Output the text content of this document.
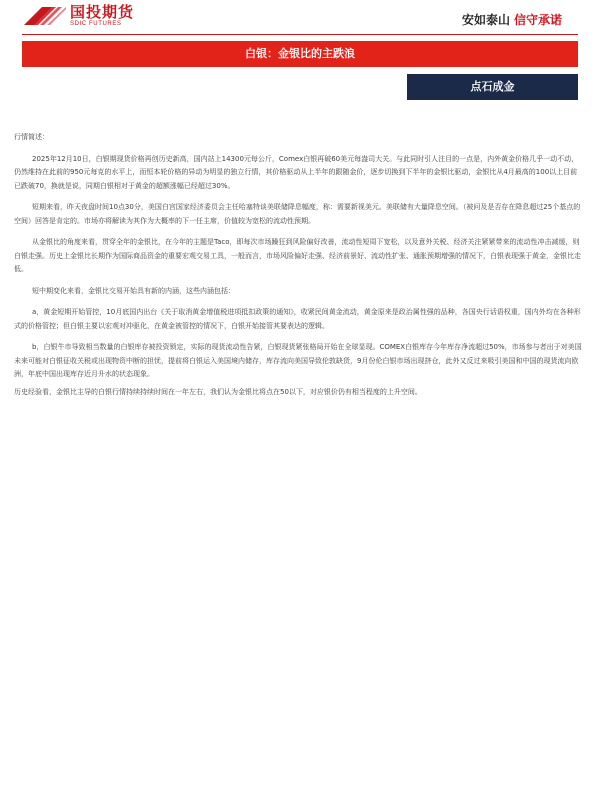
国投期货
SDIC FUTURES	安如泰山 信守承诺
白银：金银比的主跌浪
点石成金

行情简述：

2025年12月10日，白银期现货价格再创历史新高，国内站上14300元每公斤，Comex白银再破60美元每盎司大关。与此同时引人注目的一点是，内外黄金价格几乎一动不动，仍然维持在此前的950元每克的水平上，而恒本轮价格的异动为明显的独立行情，其价格驱动从上半年的跟随金价，逐步切换到下半年的金银比驱动，金银比从4月最高的100以上目前已跌破70，换就是说，同期白银相对于黄金的超额涨幅已经超过30%。

短期来看，昨天夜盘时间10点30分，美国白宫国家经济委员会主任哈塞特谈美联储降息幅度，称：需要新视美元。美联储有大量降息空间。（被问及是否存在降息超过25个基点的空间）回答是肯定的。市场亦将解读为其作为大概率的下一任主席，价值较为宽松的流动性预期。

从金银比的角度来看，贯穿全年的金银比，在今年的主题是Taco，即每次市场躁狂到风险偏好改善，流动性短周下宽松，以及意外关税、经济关注紧紧带来的流动性冲击减缓，则白银走强。历史上金银比长期作为国际商品资金的重要宏观交易工具，一般而言，市场风险偏好走强、经济前景好、流动性扩张、通胀预期增强的情况下，白银表现强于黄金，金银比走低。

短中期变化来看，金银比交易开始具有新的内涵，这些内涵包括：

a，黄金短期开始管控，10月底国内出台《关于取消黄金增值税进项抵扣政策的通知》，收紧民间黄金流动，黄金原来是政治属性强的品种，各国央行话语权重，国内外均在各种形式的价格管控；但白银主要以宏观对冲驱化，在黄金被管控的情况下，白银开始接管其要表达的逻辑。

b，白银牛市导致相当数量的白银库存被投资锁定，实际的现货流动性告紧，白银现货紧张格局开始在全球显现。COMEX白银库存今年库存净流超过50%，市场参与者出于对美国未来可能对白银征收关税或出现物资中断的担忧，提前将白银运入美国境内储存，库存流向美国导致伦敦缺货，9月份伦白银市场出现挤仓，此外又反过来吸引美国和中国的现货流向欧洲，年底中国出现库存近月升水的状态现象。

历史经验看，金银比主导的白银行情持续持续时间在一年左右，我们认为金银比将点在50以下，对应银价仍有相当程度的上升空间。
